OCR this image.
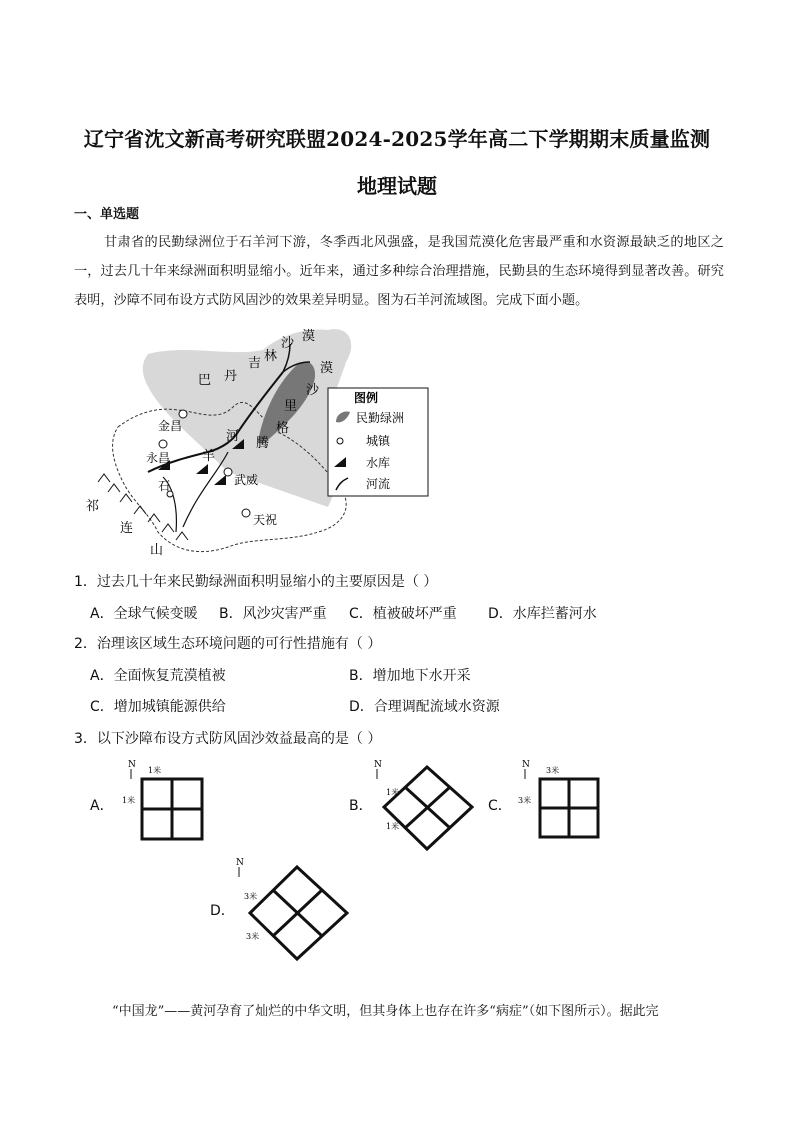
辽宁省沈文新高考研究联盟2024-2025学年高二下学期期末质量监测
地理试题
一、单选题
甘肃省的民勤绿洲位于石羊河下游，冬季西北风强盛，是我国荒漠化危害最严重和水资源最缺乏的地区之一，过去几十年来绿洲面积明显缩小。近年来，通过多种综合治理措施，民勤县的生态环境得到显著改善。研究表明，沙障不同布设方式防风固沙的效果差异明显。图为石羊河流域图。完成下面小题。
巴 丹
吉 林
沙 漠
漠
沙
里
格
腾
河
羊
金昌
永昌
武威
天祝
石
祁
连
山
图例
民勤绿洲
城镇
水库
河流
1．过去几十年来民勤绿洲面积明显缩小的主要原因是（ ）
A．全球气候变暖 B．风沙灾害严重 C．植被破坏严重 D．水库拦蓄河水
2．治理该区域生态环境问题的可行性措施有（ ）
A．全面恢复荒漠植被	B．增加地下水开采
C．增加城镇能源供给	D．合理调配流域水资源
3．以下沙障布设方式防风固沙效益最高的是（ ）
A．	B．	C．
D．
N
1米
1米
N
1米
1米
N
3米
3米
N
3米
3米
“中国龙”——黄河孕育了灿烂的中华文明，但其身体上也存在许多“病症”（如下图所示）。据此完
